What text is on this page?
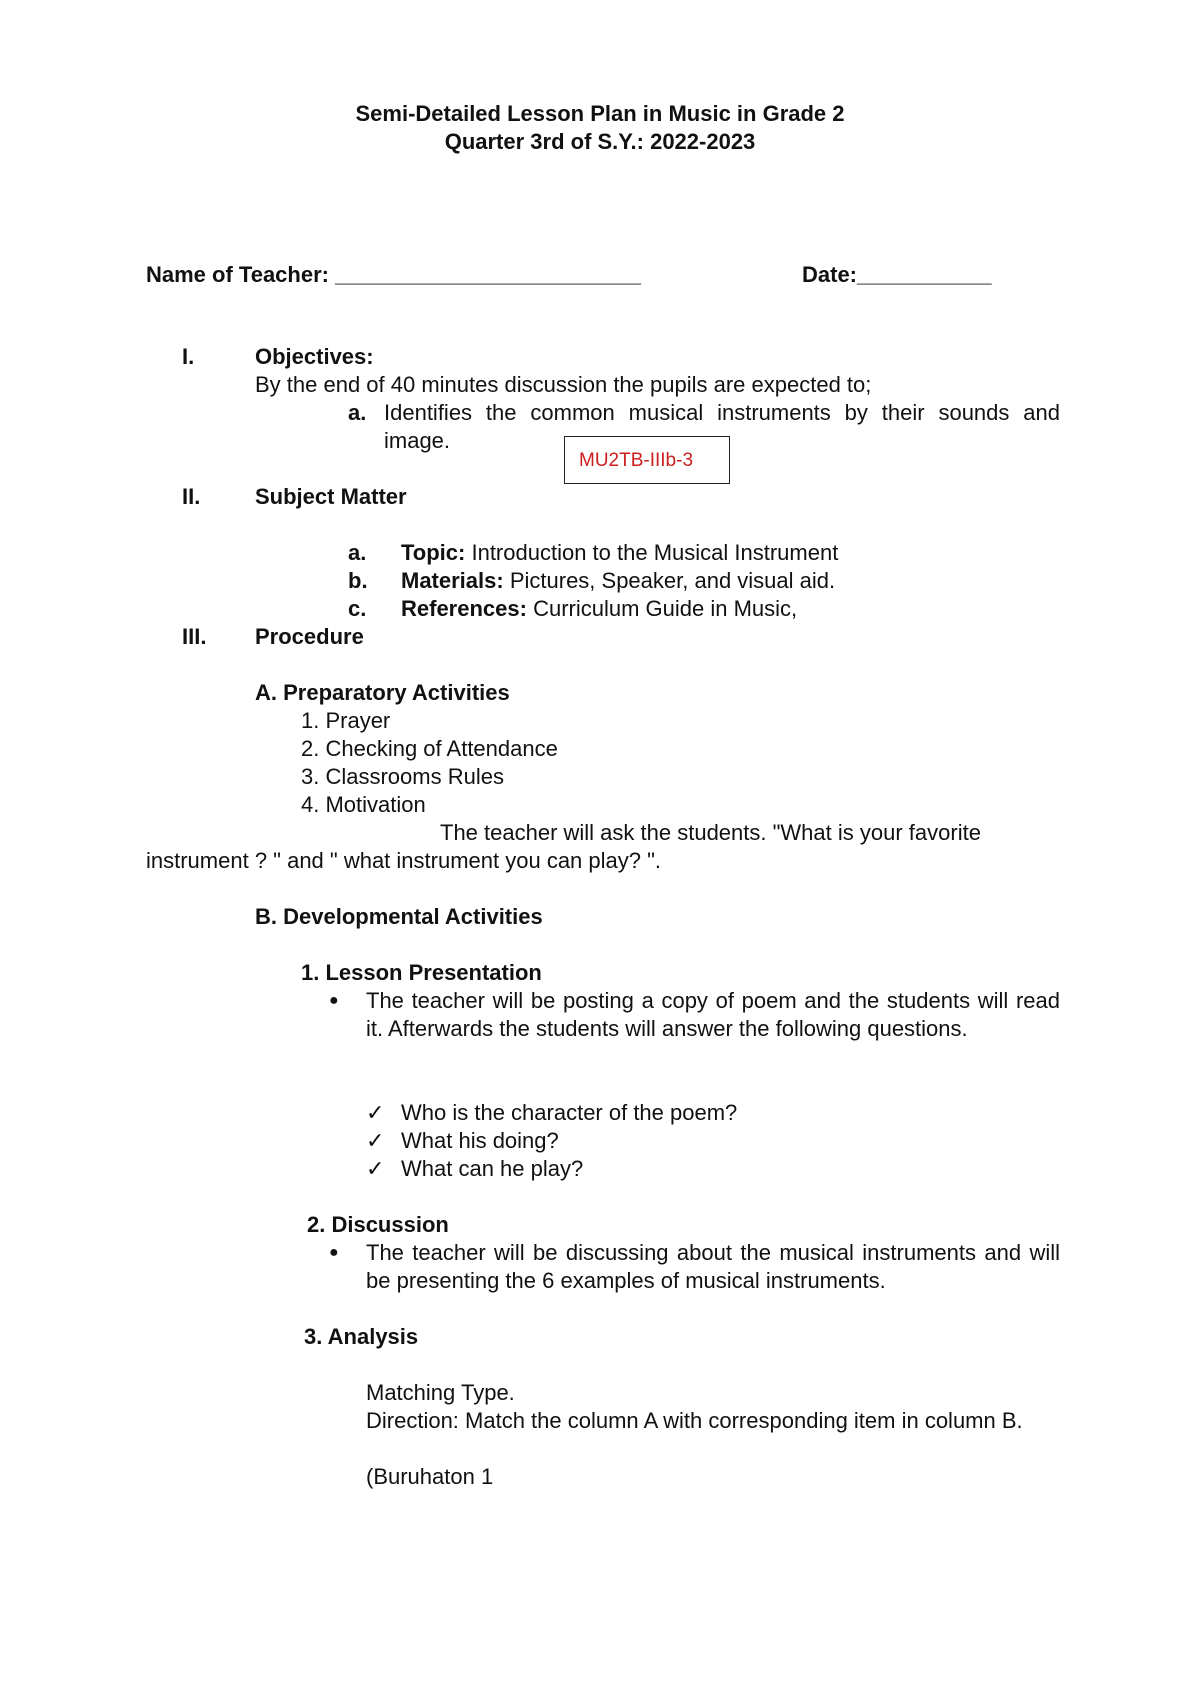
Semi-Detailed Lesson Plan in Music in Grade 2
Quarter 3rd of S.Y.: 2022-2023
Name of Teacher: _________________________	Date:___________
I.	Objectives:
By the end of 40 minutes discussion the pupils are expected to;
a. Identifies the common musical instruments by their sounds and image.
MU2TB-IIIb-3
II. Subject Matter
a. Topic: Introduction to the Musical Instrument
b. Materials: Pictures, Speaker, and visual aid.
c. References: Curriculum Guide in Music,
III. Procedure
A. Preparatory Activities
1. Prayer
2. Checking of Attendance
3. Classrooms Rules
4. Motivation
The teacher will ask the students. "What is your favorite
instrument ? " and " what instrument you can play? ".
B. Developmental Activities
1. Lesson Presentation
● The teacher will be posting a copy of poem and the students will read it. Afterwards the students will answer the following questions.
✓ Who is the character of the poem?
✓ What his doing?
✓ What can he play?
2. Discussion
● The teacher will be discussing about the musical instruments and will be presenting the 6 examples of musical instruments.
3. Analysis
Matching Type.
Direction: Match the column A with corresponding item in column B.
(Buruhaton 1
